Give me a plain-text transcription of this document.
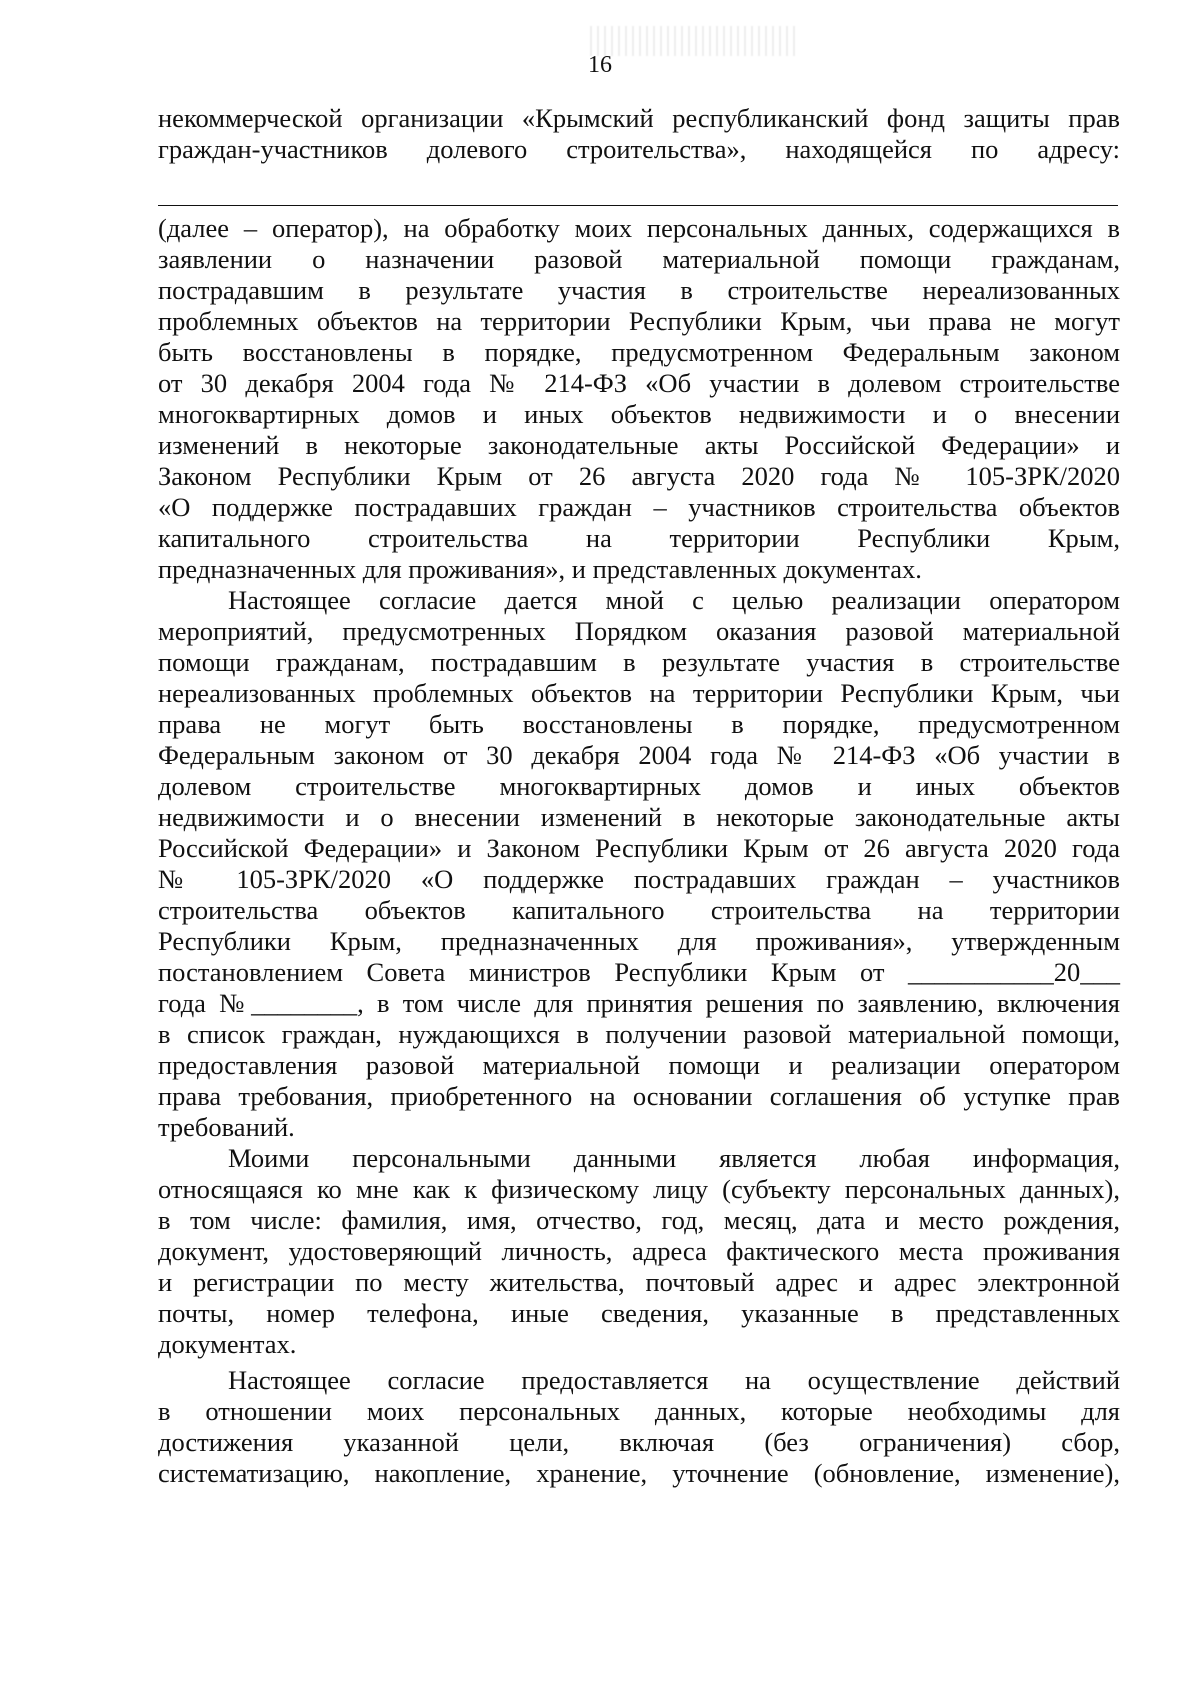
16
некоммерческой организации «Крымский республиканский фонд защиты прав
граждан-участников долевого строительства», находящейся по адресу:
(далее – оператор), на обработку моих персональных данных, содержащихся в
заявлении о назначении разовой материальной помощи гражданам,
пострадавшим в результате участия в строительстве нереализованных
проблемных объектов на территории Республики Крым, чьи права не могут
быть восстановлены в порядке, предусмотренном Федеральным законом
от 30 декабря 2004 года № 214-ФЗ «Об участии в долевом строительстве
многоквартирных домов и иных объектов недвижимости и о внесении
изменений в некоторые законодательные акты Российской Федерации» и
Законом Республики Крым от 26 августа 2020 года № 105-ЗРК/2020
«О поддержке пострадавших граждан – участников строительства объектов
капитального строительства на территории Республики Крым,
предназначенных для проживания», и представленных документах.
Настоящее согласие дается мной с целью реализации оператором
мероприятий, предусмотренных Порядком оказания разовой материальной
помощи гражданам, пострадавшим в результате участия в строительстве
нереализованных проблемных объектов на территории Республики Крым, чьи
права не могут быть восстановлены в порядке, предусмотренном
Федеральным законом от 30 декабря 2004 года № 214-ФЗ «Об участии в
долевом строительстве многоквартирных домов и иных объектов
недвижимости и о внесении изменений в некоторые законодательные акты
Российской Федерации» и Законом Республики Крым от 26 августа 2020 года
№ 105-ЗРК/2020 «О поддержке пострадавших граждан – участников
строительства объектов капитального строительства на территории
Республики Крым, предназначенных для проживания», утвержденным
постановлением Совета министров Республики Крым от ___________20___
года №________, в том числе для принятия решения по заявлению, включения
в список граждан, нуждающихся в получении разовой материальной помощи,
предоставления разовой материальной помощи и реализации оператором
права требования, приобретенного на основании соглашения об уступке прав
требований.
Моими персональными данными является любая информация,
относящаяся ко мне как к физическому лицу (субъекту персональных данных),
в том числе: фамилия, имя, отчество, год, месяц, дата и место рождения,
документ, удостоверяющий личность, адреса фактического места проживания
и регистрации по месту жительства, почтовый адрес и адрес электронной
почты, номер телефона, иные сведения, указанные в представленных
документах.
Настоящее согласие предоставляется на осуществление действий
в отношении моих персональных данных, которые необходимы для
достижения указанной цели, включая (без ограничения) сбор,
систематизацию, накопление, хранение, уточнение (обновление, изменение),
